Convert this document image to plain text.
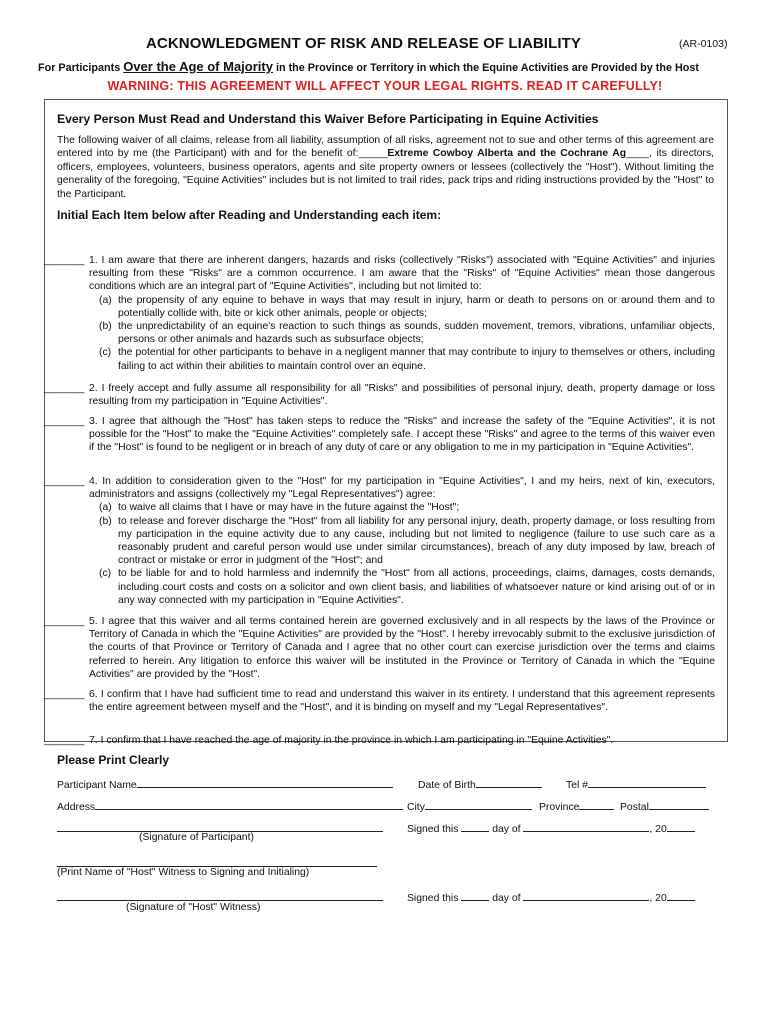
ACKNOWLEDGMENT OF RISK AND RELEASE OF LIABILITY	(AR-0103)
For Participants Over the Age of Majority in the Province or Territory in which the Equine Activities are Provided by the Host
WARNING: THIS AGREEMENT WILL AFFECT YOUR LEGAL RIGHTS. READ IT CAREFULLY!
Every Person Must Read and Understand this Waiver Before Participating in Equine Activities
The following waiver of all claims, release from all liability, assumption of all risks, agreement not to sue and other terms of this agreement are entered into by me (the Participant) with and for the benefit of:_____Extreme Cowboy Alberta and the Cochrane Ag____, its directors, officers, employees, volunteers, business operators, agents and site property owners or lessees (collectively the "Host"). Without limiting the generality of the foregoing, "Equine Activities" includes but is not limited to trail rides, pack trips and riding instructions provided by the "Host" to the Participant.
Initial Each Item below after Reading and Understanding each item:
_______ 1. I am aware that there are inherent dangers, hazards and risks (collectively "Risks") associated with "Equine Activities" and injuries resulting from these "Risks" are a common occurrence. I am aware that the "Risks" of "Equine Activities" mean those dangerous conditions which are an integral part of "Equine Activities", including but not limited to:
(a) the propensity of any equine to behave in ways that may result in injury, harm or death to persons on or around them and to potentially collide with, bite or kick other animals, people or objects;
(b) the unpredictability of an equine's reaction to such things as sounds, sudden movement, tremors, vibrations, unfamiliar objects, persons or other animals and hazards such as subsurface objects;
(c) the potential for other participants to behave in a negligent manner that may contribute to injury to themselves or others, including failing to act within their abilities to maintain control over an equine.
_______ 2. I freely accept and fully assume all responsibility for all "Risks" and possibilities of personal injury, death, property damage or loss resulting from my participation in "Equine Activities".
_______ 3. I agree that although the "Host" has taken steps to reduce the "Risks" and increase the safety of the "Equine Activities", it is not possible for the "Host" to make the "Equine Activities" completely safe. I accept these "Risks" and agree to the terms of this waiver even if the "Host" is found to be negligent or in breach of any duty of care or any obligation to me in my participation in "Equine Activities".
_______ 4. In addition to consideration given to the "Host" for my participation in "Equine Activities", I and my heirs, next of kin, executors, administrators and assigns (collectively my "Legal Representatives") agree:
(a) to waive all claims that I have or may have in the future against the "Host";
(b) to release and forever discharge the "Host" from all liability for any personal injury, death, property damage, or loss resulting from my participation in the equine activity due to any cause, including but not limited to negligence (failure to use such care as a reasonably prudent and careful person would use under similar circumstances), breach of any duty imposed by law, breach of contract or mistake or error in judgment of the "Host"; and
(c) to be liable for and to hold harmless and indemnify the "Host" from all actions, proceedings, claims, damages, costs demands, including court costs and costs on a solicitor and own client basis, and liabilities of whatsoever nature or kind arising out of or in any way connected with my participation in "Equine Activities".
_______ 5. I agree that this waiver and all terms contained herein are governed exclusively and in all respects by the laws of the Province or Territory of Canada in which the "Equine Activities" are provided by the "Host". I hereby irrevocably submit to the exclusive jurisdiction of the courts of that Province or Territory of Canada and I agree that no other court can exercise jurisdiction over the terms and claims referred to herein. Any litigation to enforce this waiver will be instituted in the Province or Territory of Canada in which the "Equine Activities" are provided by the "Host".
_______ 6. I confirm that I have had sufficient time to read and understand this waiver in its entirety. I understand that this agreement represents the entire agreement between myself and the "Host", and it is binding on myself and my "Legal Representatives".
_______ 7. I confirm that I have reached the age of majority in the province in which I am participating in "Equine Activities".
Please Print Clearly
Participant Name	Date of Birth	Tel #
Address	City	Province	Postal
Signed this	day of	, 20
(Signature of Participant)
(Print Name of "Host" Witness to Signing and Initialing)
Signed this	day of	, 20
(Signature of "Host" Witness)
